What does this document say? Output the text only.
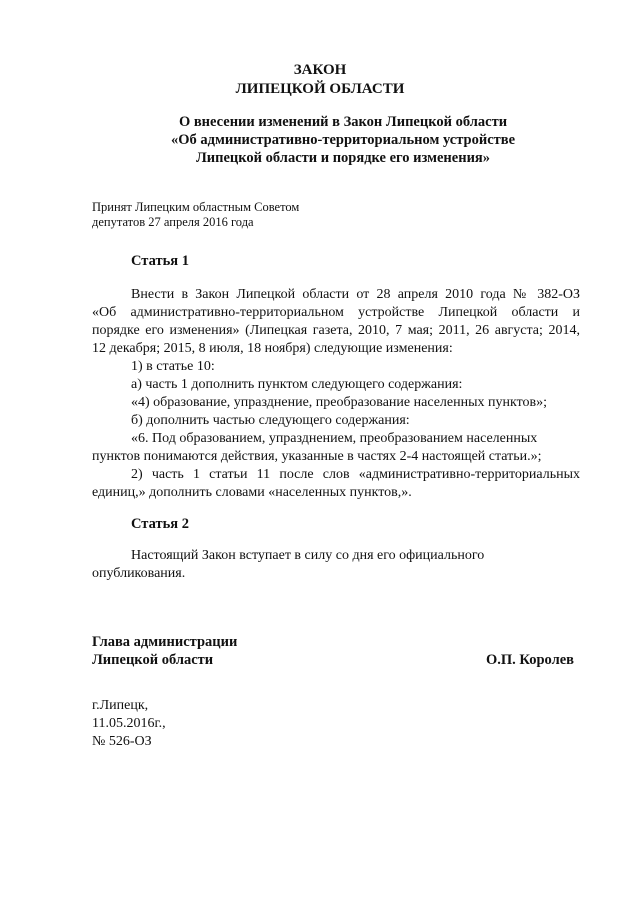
ЗАКОН
ЛИПЕЦКОЙ ОБЛАСТИ
О внесении изменений в Закон Липецкой области
«Об административно-территориальном устройстве
Липецкой области и порядке его изменения»
Принят Липецким областным Советом
депутатов 27 апреля 2016 года
Статья 1
Внести в Закон Липецкой области от 28 апреля 2010 года № 382-ОЗ
«Об административно-территориальном устройстве Липецкой области и
порядке его изменения» (Липецкая газета, 2010, 7 мая; 2011, 26 августа; 2014,
12 декабря; 2015, 8 июля, 18 ноября) следующие изменения:
1) в статье 10:
а) часть 1 дополнить пунктом следующего содержания:
«4) образование, упразднение, преобразование населенных пунктов»;
б) дополнить частью следующего содержания:
«6. Под образованием, упразднением, преобразованием населенных
пунктов понимаются действия, указанные в частях 2-4 настоящей статьи.»;
2) часть 1 статьи 11 после слов «административно-территориальных
единиц,» дополнить словами «населенных пунктов,».
Статья 2
Настоящий Закон вступает в силу со дня его официального
опубликования.
Глава администрации
Липецкой области	О.П. Королев
г.Липецк,
11.05.2016г.,
№ 526-ОЗ
